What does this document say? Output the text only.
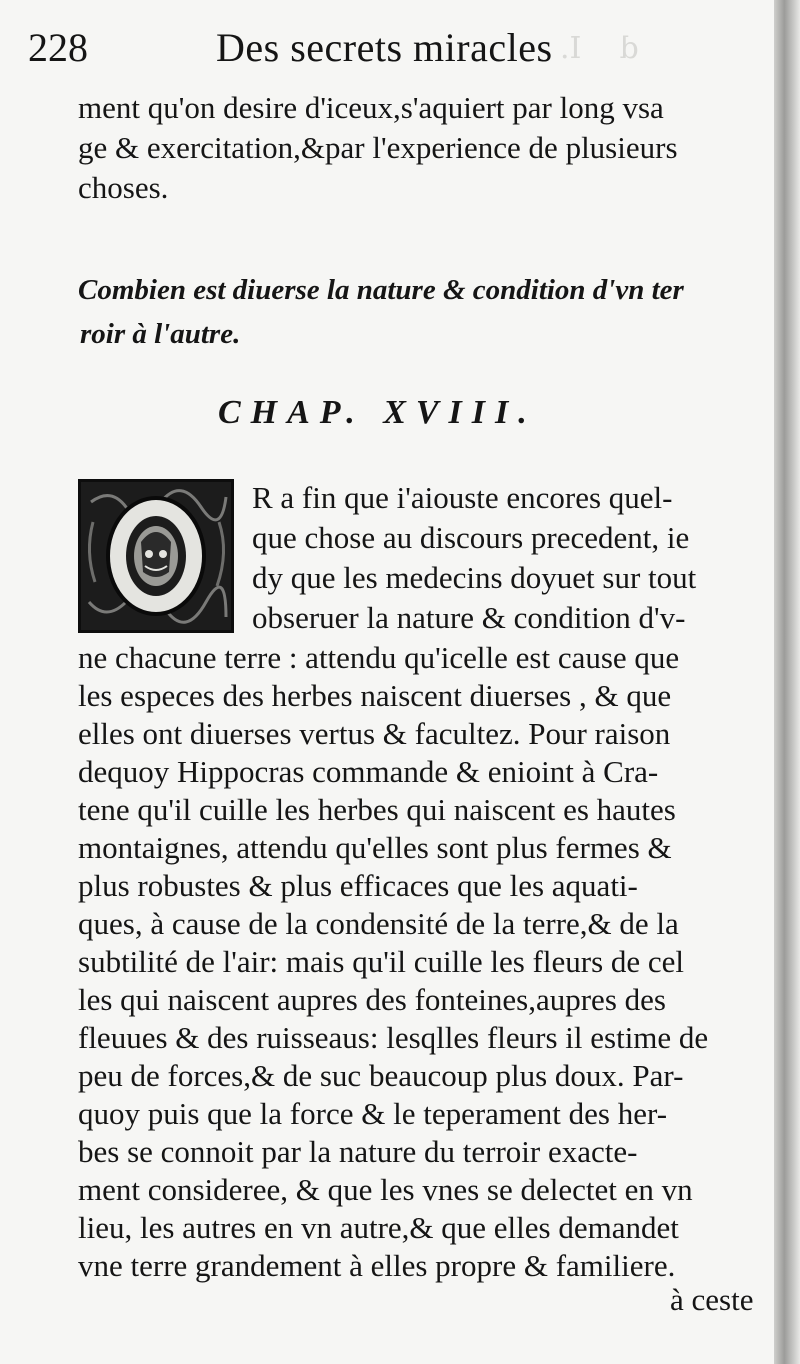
d    I.
228	Des secrets miracles
ment qu'on desire d'iceux,s'aquiert par long vsa
ge & exercitation,&par l'experience de plusieurs
choses.
Combien est diuerse la nature & condition d'vn ter
roir à l'autre.
CHAP. XVIII.
R a fin que i'aiouste encores quel-
que chose au discours precedent, ie
dy que les medecins doyuet sur tout
obseruer la nature & condition d'v-
ne chacune terre : attendu qu'icelle est cause que
les especes des herbes naiscent diuerses , & que
elles ont diuerses vertus & facultez. Pour raison
dequoy Hippocras commande & enioint à Cra-
tene qu'il cuille les herbes qui naiscent es hautes
montaignes, attendu qu'elles sont plus fermes &
plus robustes & plus efficaces que les aquati-
ques, à cause de la condensité de la terre,& de la
subtilité de l'air: mais qu'il cuille les fleurs de cel
les qui naiscent aupres des fonteines,aupres des
fleuues & des ruisseaus: lesqlles fleurs il estime de
peu de forces,& de suc beaucoup plus doux. Par-
quoy puis que la force & le teperament des her-
bes se connoit par la nature du terroir exacte-
ment consideree, & que les vnes se delectet en vn
lieu, les autres en vn autre,& que elles demandet
vne terre grandement à elles propre & familiere.
à ceste
